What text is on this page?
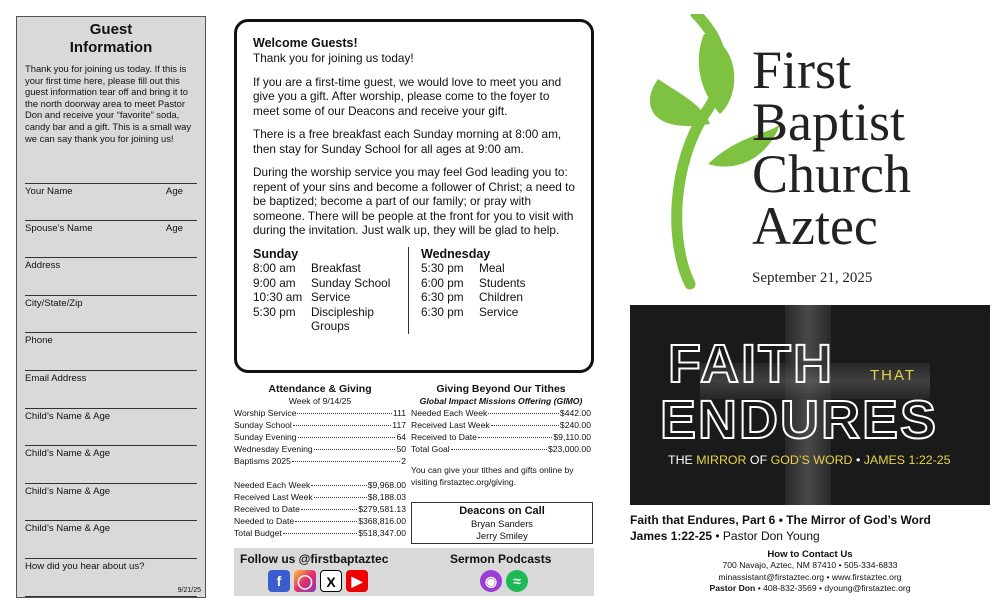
Guest
Information

Thank you for joining us today. If this is your first time here, please fill out this guest information tear off and bring it to the north doorway area to meet Pastor Don and receive your “favorite” soda, candy bar and a gift. This is a small way we can say thank you for joining us!

Your Name	Age
Spouse’s Name	Age
Address
City/State/Zip
Phone
Email Address
Child’s Name & Age
Child’s Name & Age
Child’s Name & Age
Child’s Name & Age
How did you hear about us?
9/21/25
Welcome Guests!

Thank you for joining us today!

If you are a first-time guest, we would love to meet you and give you a gift. After worship, please come to the foyer to meet some of our Deacons and receive your gift.

There is a free breakfast each Sunday morning at 8:00 am, then stay for Sunday School for all ages at 9:00 am.

During the worship service you may feel God leading you to: repent of your sins and become a follower of Christ; a need to be baptized; become a part of our family; or pray with someone. There will be people at the front for you to visit with during the invitation. Just walk up, they will be glad to help.

Sunday
8:00 am	Breakfast
9:00 am	Sunday School
10:30 am Service
5:30 pm	Discipleship Groups
Wednesday
5:30 pm	Meal
6:00 pm	Students
6:30 pm	Children
6:30 pm	Service
Attendance & Giving
Week of 9/14/25
Worship Service	111
Sunday School	117
Sunday Evening	64
Wednesday Evening	50
Baptisms 2025	2
Needed Each Week	$9,968.00
Received Last Week	$8,188.03
Received to Date	$279,581.13
Needed to Date	$368,816.00
Total Budget	$518,347.00
Giving Beyond Our Tithes
Global Impact Missions Offering (GIMO)
Needed Each Week	$442.00
Received Last Week	$240.00
Received to Date	$9,110.00
Total Goal	$23,000.00
You can give your tithes and gifts online by visiting firstaztec.org/giving.
Deacons on Call
Bryan Sanders
Jerry Smiley
Follow us @firstbaptaztec	Sermon Podcasts
f	◯ X	▶	◉	≈
First
Baptist
Church
Aztec
September 21, 2025
FAITH THAT
ENDURES
THE MIRROR OF GOD’S WORD • JAMES 1:22-25
Faith that Endures, Part 6 • The Mirror of God’s Word
James 1:22-25 • Pastor Don Young
How to Contact Us
700 Navajo, Aztec, NM 87410 • 505-334-6833
minassistant@firstaztec.org • www.firstaztec.org
Pastor Don • 408-832-3569 • dyoung@firstaztec.org
